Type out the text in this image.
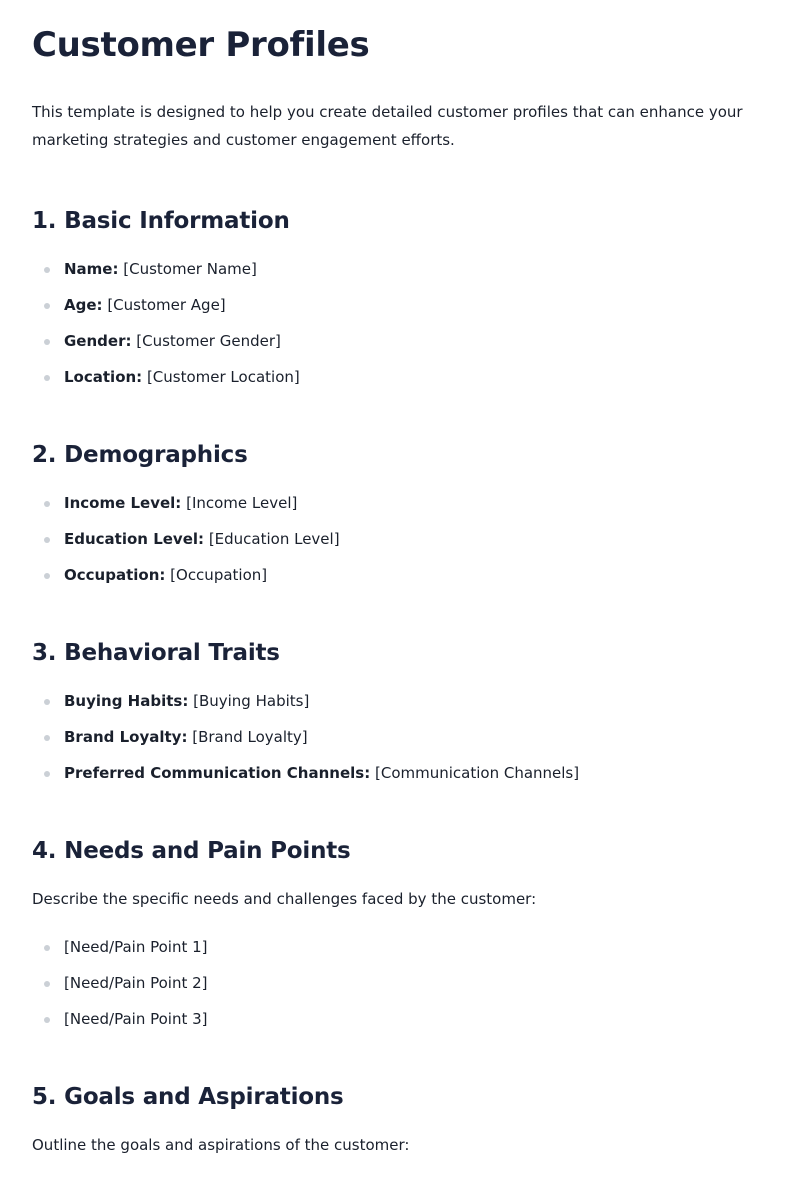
Customer Profiles

This template is designed to help you create detailed customer profiles that can enhance your marketing strategies and customer engagement efforts.

1. Basic Information
Name: [Customer Name]
Age: [Customer Age]
Gender: [Customer Gender]
Location: [Customer Location]
2. Demographics
Income Level: [Income Level]
Education Level: [Education Level]
Occupation: [Occupation]
3. Behavioral Traits
Buying Habits: [Buying Habits]
Brand Loyalty: [Brand Loyalty]
Preferred Communication Channels: [Communication Channels]
4. Needs and Pain Points

Describe the specific needs and challenges faced by the customer:

[Need/Pain Point 1]
[Need/Pain Point 2]
[Need/Pain Point 3]
5. Goals and Aspirations

Outline the goals and aspirations of the customer:
